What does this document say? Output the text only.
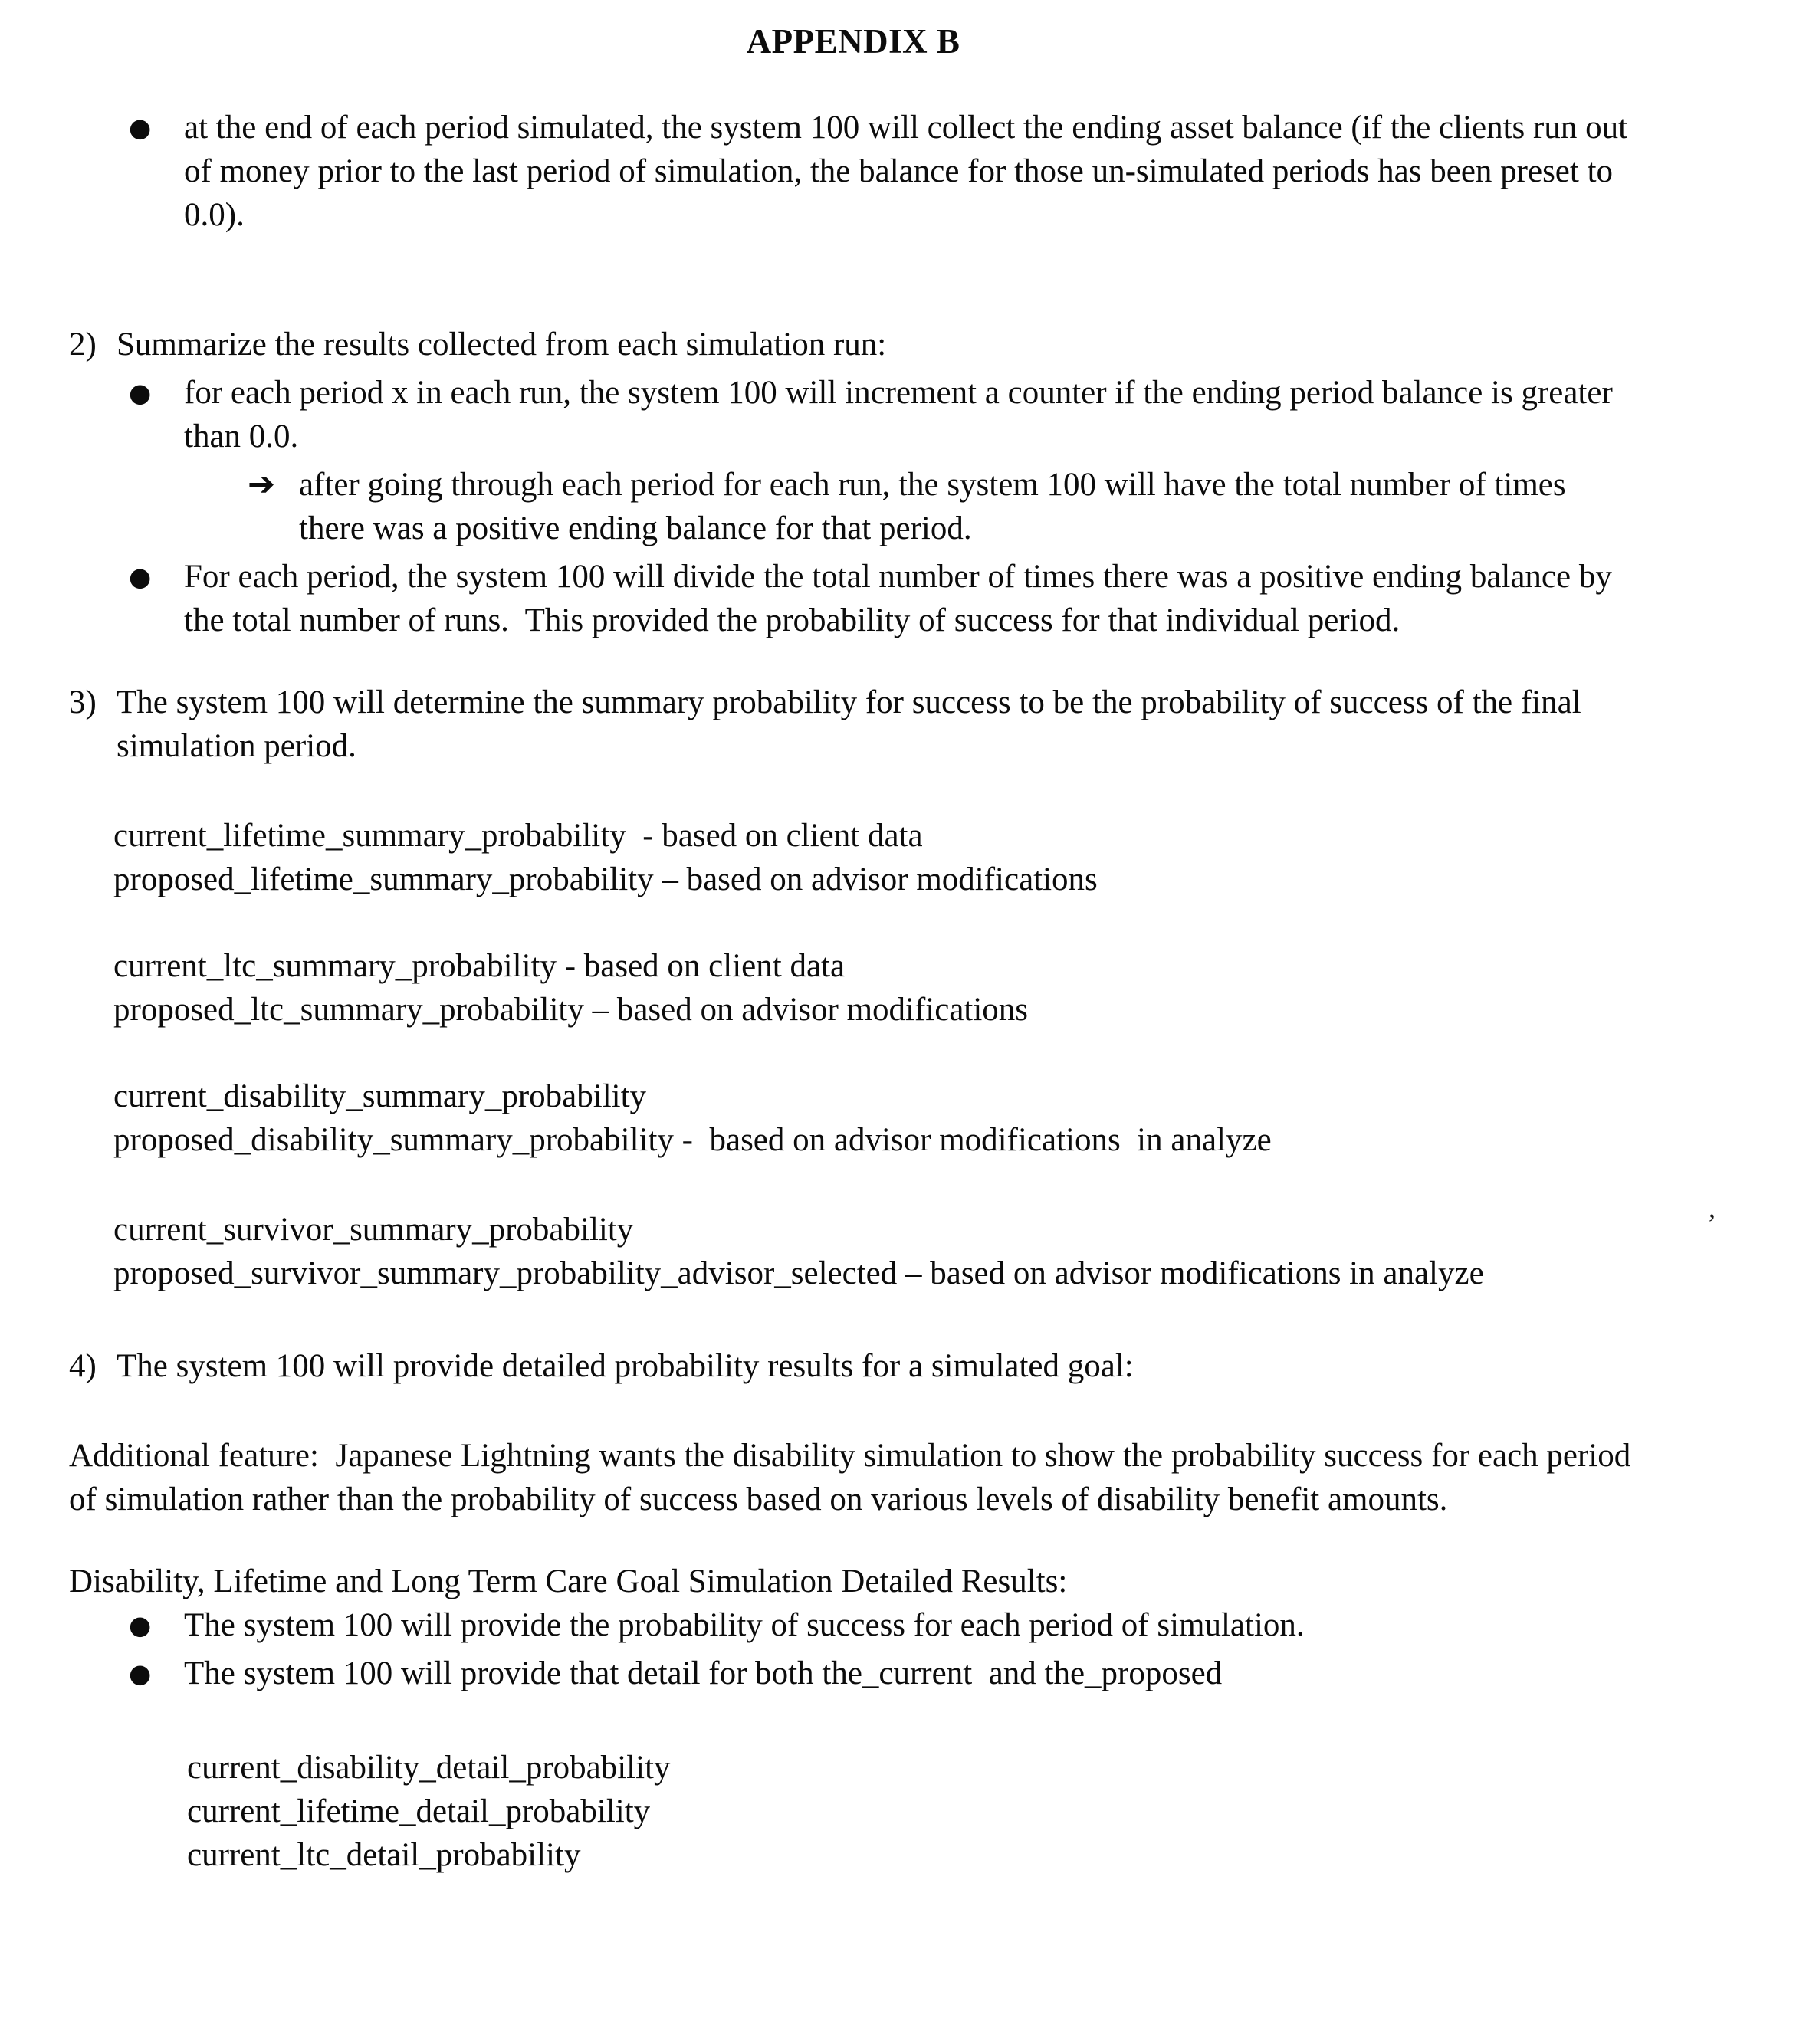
APPENDIX B
● at the end of each period simulated, the system 100 will collect the ending asset balance (if the clients run out of money prior to the last period of simulation, the balance for those un-simulated periods has been preset to 0.0).
2) Summarize the results collected from each simulation run:
● for each period x in each run, the system 100 will increment a counter if the ending period balance is greater than 0.0.
➔ after going through each period for each run, the system 100 will have the total number of times there was a positive ending balance for that period.
● For each period, the system 100 will divide the total number of times there was a positive ending balance by the total number of runs.  This provided the probability of success for that individual period.
3) The system 100 will determine the summary probability for success to be the probability of success of the final simulation period.
current_lifetime_summary_probability  - based on client data
proposed_lifetime_summary_probability – based on advisor modifications
current_ltc_summary_probability - based on client data
proposed_ltc_summary_probability – based on advisor modifications
current_disability_summary_probability
proposed_disability_summary_probability -  based on advisor modifications  in analyze
current_survivor_summary_probability
proposed_survivor_summary_probability_advisor_selected – based on advisor modifications in analyze
4) The system 100 will provide detailed probability results for a simulated goal:
Additional feature:  Japanese Lightning wants the disability simulation to show the probability success for each period of simulation rather than the probability of success based on various levels of disability benefit amounts.
Disability, Lifetime and Long Term Care Goal Simulation Detailed Results:
● The system 100 will provide the probability of success for each period of simulation.
● The system 100 will provide that detail for both the_current  and the_proposed
current_disability_detail_probability
current_lifetime_detail_probability
current_ltc_detail_probability
,
